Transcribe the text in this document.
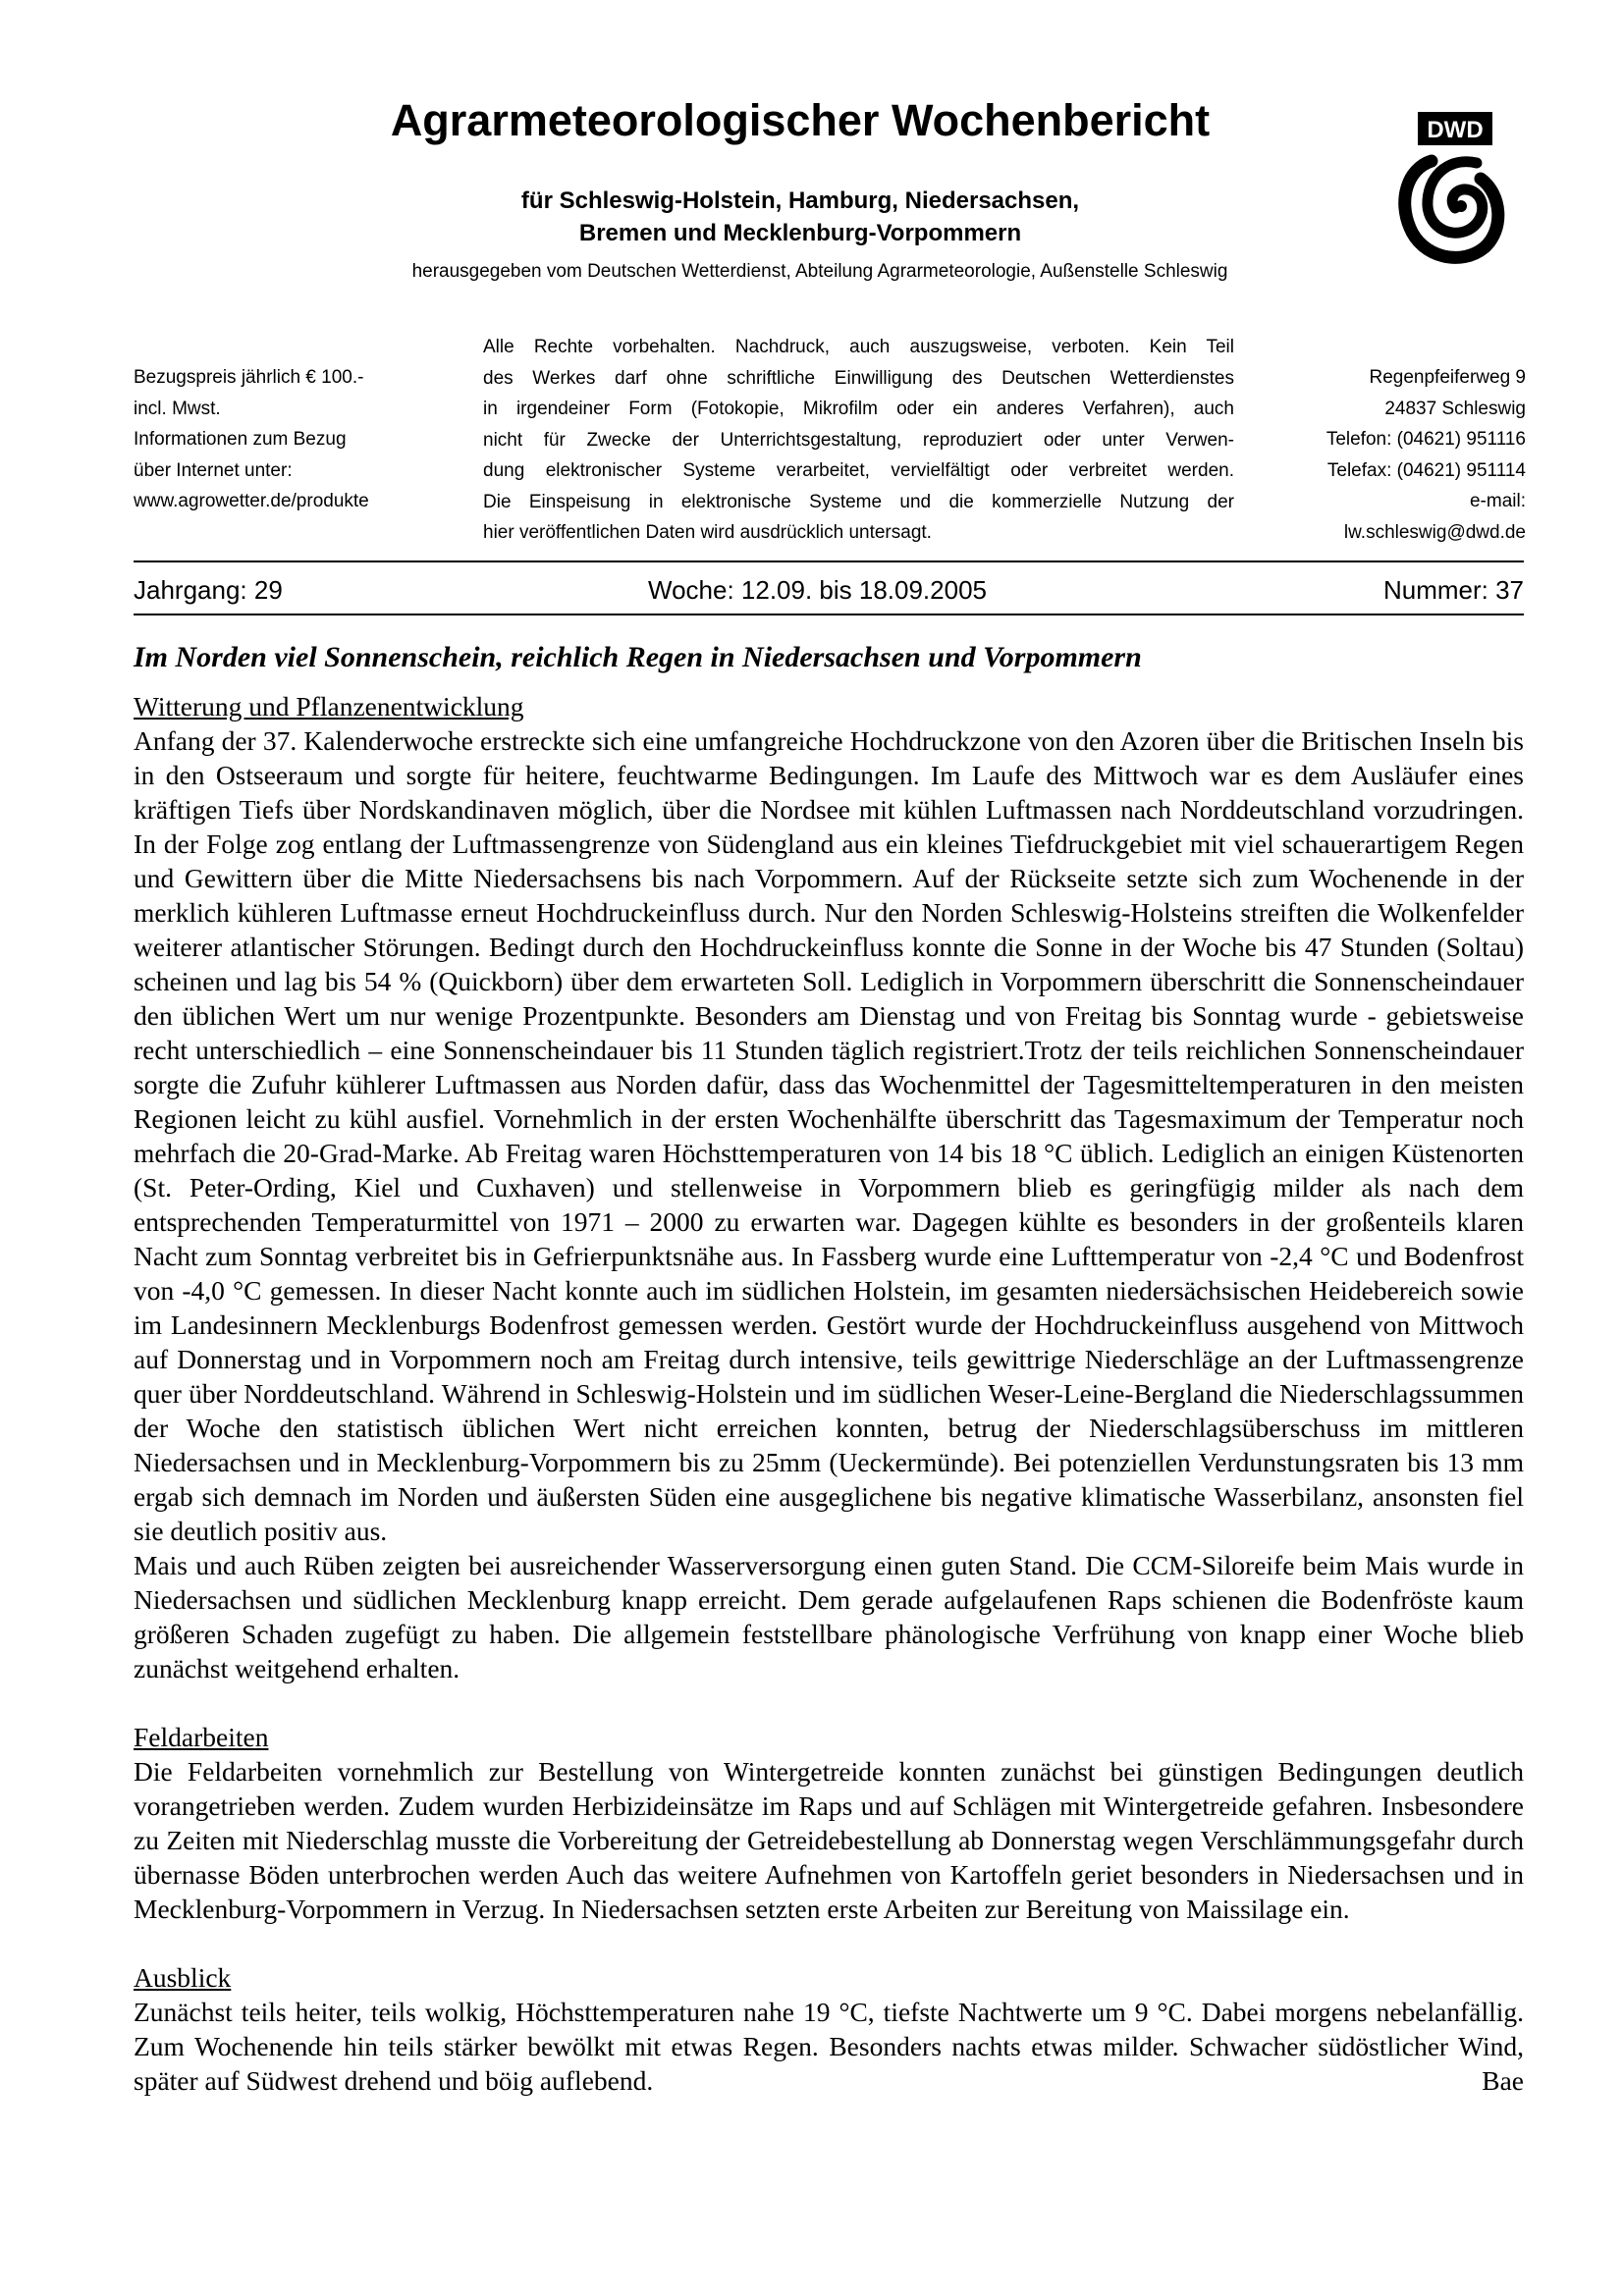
Agrarmeteorologischer Wochenbericht
für Schleswig-Holstein, Hamburg, Niedersachsen,
Bremen und Mecklenburg-Vorpommern
herausgegeben vom Deutschen Wetterdienst, Abteilung Agrarmeteorologie, Außenstelle Schleswig
DWD
Bezugspreis jährlich € 100.-
incl. Mwst.
Informationen zum Bezug
über Internet unter:
www.agrowetter.de/produkte
Alle Rechte vorbehalten. Nachdruck, auch auszugsweise, verboten. Kein Teil
des Werkes darf ohne schriftliche Einwilligung des Deutschen Wetterdienstes
in irgendeiner Form (Fotokopie, Mikrofilm oder ein anderes Verfahren), auch
nicht für Zwecke der Unterrichtsgestaltung, reproduziert oder unter Verwen-
dung elektronischer Systeme verarbeitet, vervielfältigt oder verbreitet werden.
Die Einspeisung in elektronische Systeme und die kommerzielle Nutzung der
hier veröffentlichen Daten wird ausdrücklich untersagt.
Regenpfeiferweg 9
24837 Schleswig
Telefon: (04621) 951116
Telefax: (04621) 951114
e-mail:
lw.schleswig@dwd.de
Jahrgang: 29	Woche: 12.09. bis 18.09.2005	Nummer: 37

Im Norden viel Sonnenschein, reichlich Regen in Niedersachsen und Vorpommern

Witterung und Pflanzenentwicklung

Anfang der 37. Kalenderwoche erstreckte sich eine umfangreiche Hochdruckzone von den Azoren über die Britischen Inseln bis in den Ostseeraum und sorgte für heitere, feuchtwarme Bedingungen. Im Laufe des Mittwoch war es dem Ausläufer eines kräftigen Tiefs über Nordskandinaven möglich, über die Nordsee mit kühlen Luftmassen nach Norddeutschland vorzudringen. In der Folge zog entlang der Luftmassengrenze von Südengland aus ein kleines Tiefdruckgebiet mit viel schauerartigem Regen und Gewittern über die Mitte Niedersachsens bis nach Vorpommern. Auf der Rückseite setzte sich zum Wochenende in der merklich kühleren Luftmasse erneut Hochdruckeinfluss durch. Nur den Norden Schleswig-Holsteins streiften die Wolkenfelder weiterer atlantischer Störungen. Bedingt durch den Hochdruckeinfluss konnte die Sonne in der Woche bis 47 Stunden (Soltau) scheinen und lag bis 54 % (Quickborn) über dem erwarteten Soll. Lediglich in Vorpommern überschritt die Sonnenscheindauer den üblichen Wert um nur wenige Prozentpunkte. Besonders am Dienstag und von Freitag bis Sonntag wurde - gebietsweise recht unterschiedlich – eine Sonnenscheindauer bis 11 Stunden täglich registriert.Trotz der teils reichlichen Sonnenscheindauer sorgte die Zufuhr kühlerer Luftmassen aus Norden dafür, dass das Wochenmittel der Tagesmitteltemperaturen in den meisten Regionen leicht zu kühl ausfiel. Vornehmlich in der ersten Wochenhälfte überschritt das Tagesmaximum der Temperatur noch mehrfach die 20-Grad-Marke. Ab Freitag waren Höchsttemperaturen von 14 bis 18 °C üblich. Lediglich an einigen Küstenorten (St. Peter-Ording, Kiel und Cuxhaven) und stellenweise in Vorpommern blieb es geringfügig milder als nach dem entsprechenden Temperaturmittel von 1971 – 2000 zu erwarten war. Dagegen kühlte es besonders in der großenteils klaren Nacht zum Sonntag verbreitet bis in Gefrierpunktsnähe aus. In Fassberg wurde eine Lufttemperatur von -2,4 °C und Bodenfrost von -4,0 °C gemessen. In dieser Nacht konnte auch im südlichen Holstein, im gesamten niedersächsischen Heidebereich sowie im Landesinnern Mecklenburgs Bodenfrost gemessen werden. Gestört wurde der Hochdruckeinfluss ausgehend von Mittwoch auf Donnerstag und in Vorpommern noch am Freitag durch intensive, teils gewittrige Niederschläge an der Luftmassengrenze quer über Norddeutschland. Während in Schleswig-Holstein und im südlichen Weser-Leine-Bergland die Niederschlagssummen der Woche den statistisch üblichen Wert nicht erreichen konnten, betrug der Niederschlagsüberschuss im mittleren Niedersachsen und in Mecklenburg-Vorpommern bis zu 25mm (Ueckermünde). Bei potenziellen Verdunstungsraten bis 13 mm ergab sich demnach im Norden und äußersten Süden eine ausgeglichene bis negative klimatische Wasserbilanz, ansonsten fiel sie deutlich positiv aus.

Mais und auch Rüben zeigten bei ausreichender Wasserversorgung einen guten Stand. Die CCM-Siloreife beim Mais wurde in Niedersachsen und südlichen Mecklenburg knapp erreicht. Dem gerade aufgelaufenen Raps schienen die Bodenfröste kaum größeren Schaden zugefügt zu haben. Die allgemein feststellbare phänologische Verfrühung von knapp einer Woche blieb zunächst weitgehend erhalten.

Feldarbeiten

Die Feldarbeiten vornehmlich zur Bestellung von Wintergetreide konnten zunächst bei günstigen Bedingungen deutlich vorangetrieben werden. Zudem wurden Herbizideinsätze im Raps und auf Schlägen mit Wintergetreide gefahren. Insbesondere zu Zeiten mit Niederschlag musste die Vorbereitung der Getreidebestellung ab Donnerstag wegen Verschlämmungsgefahr durch übernasse Böden unterbrochen werden Auch das weitere Aufnehmen von Kartoffeln geriet besonders in Niedersachsen und in Mecklenburg-Vorpommern in Verzug. In Niedersachsen setzten erste Arbeiten zur Bereitung von Maissilage ein.

Ausblick

Zunächst teils heiter, teils wolkig, Höchsttemperaturen nahe 19 °C, tiefste Nachtwerte um 9 °C. Dabei morgens nebelanfällig. Zum Wochenende hin teils stärker bewölkt mit etwas Regen. Besonders nachts etwas milder. Schwacher südöstlicher Wind, später auf Südwest drehend und böig auflebend.	Bae
